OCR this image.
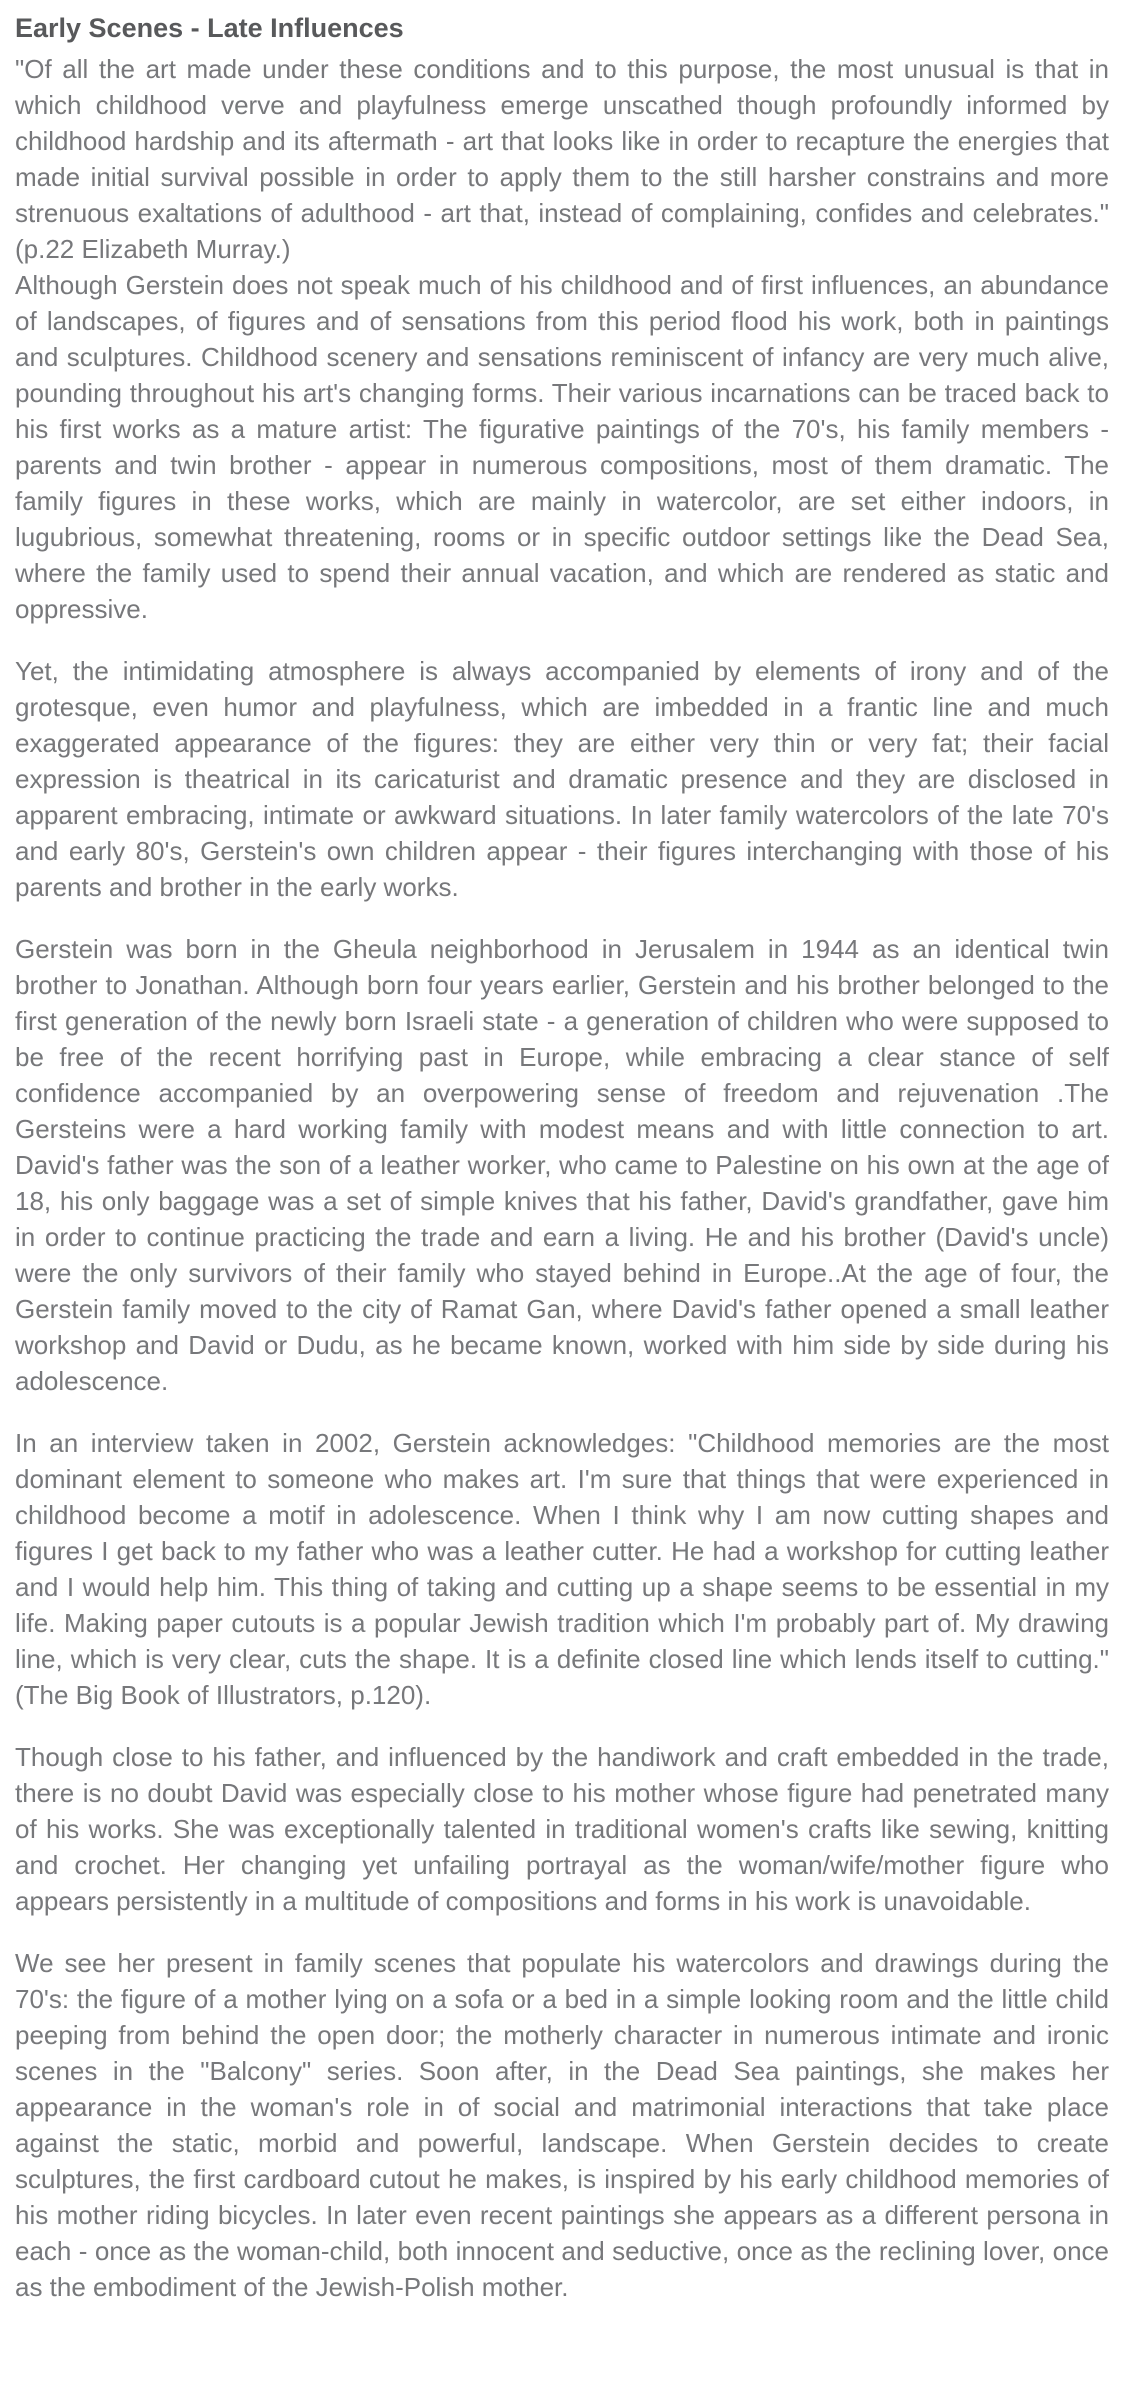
Early Scenes - Late Influences

"Of all the art made under these conditions and to this purpose, the most unusual is that in which childhood verve and playfulness emerge unscathed though profoundly informed by childhood hardship and its aftermath - art that looks like in order to recapture the energies that made initial survival possible in order to apply them to the still harsher constrains and more strenuous exaltations of adulthood - art that, instead of complaining, confides and celebrates." (p.22 Elizabeth Murray.)

Although Gerstein does not speak much of his childhood and of first influences, an abundance of landscapes, of figures and of sensations from this period flood his work, both in paintings and sculptures. Childhood scenery and sensations reminiscent of infancy are very much alive, pounding throughout his art's changing forms. Their various incarnations can be traced back to his first works as a mature artist: The figurative paintings of the 70's, his family members - parents and twin brother - appear in numerous compositions, most of them dramatic. The family figures in these works, which are mainly in watercolor, are set either indoors, in lugubrious, somewhat threatening, rooms or in specific outdoor settings like the Dead Sea, where the family used to spend their annual vacation, and which are rendered as static and oppressive.

Yet, the intimidating atmosphere is always accompanied by elements of irony and of the grotesque, even humor and playfulness, which are imbedded in a frantic line and much exaggerated appearance of the figures: they are either very thin or very fat; their facial expression is theatrical in its caricaturist and dramatic presence and they are disclosed in apparent embracing, intimate or awkward situations. In later family watercolors of the late 70's and early 80's, Gerstein's own children appear - their figures interchanging with those of his parents and brother in the early works.

Gerstein was born in the Gheula neighborhood in Jerusalem in 1944 as an identical twin brother to Jonathan. Although born four years earlier, Gerstein and his brother belonged to the first generation of the newly born Israeli state - a generation of children who were supposed to be free of the recent horrifying past in Europe, while embracing a clear stance of self confidence accompanied by an overpowering sense of freedom and rejuvenation .The Gersteins were a hard working family with modest means and with little connection to art. David's father was the son of a leather worker, who came to Palestine on his own at the age of 18, his only baggage was a set of simple knives that his father, David's grandfather, gave him in order to continue practicing the trade and earn a living. He and his brother (David's uncle) were the only survivors of their family who stayed behind in Europe..At the age of four, the Gerstein family moved to the city of Ramat Gan, where David's father opened a small leather workshop and David or Dudu, as he became known, worked with him side by side during his adolescence.

In an interview taken in 2002, Gerstein acknowledges: "Childhood memories are the most dominant element to someone who makes art. I'm sure that things that were experienced in childhood become a motif in adolescence. When I think why I am now cutting shapes and figures I get back to my father who was a leather cutter. He had a workshop for cutting leather and I would help him. This thing of taking and cutting up a shape seems to be essential in my life. Making paper cutouts is a popular Jewish tradition which I'm probably part of. My drawing line, which is very clear, cuts the shape. It is a definite closed line which lends itself to cutting."(The Big Book of Illustrators, p.120).

Though close to his father, and influenced by the handiwork and craft embedded in the trade, there is no doubt David was especially close to his mother whose figure had penetrated many of his works. She was exceptionally talented in traditional women's crafts like sewing, knitting and crochet. Her changing yet unfailing portrayal as the woman/wife/mother figure who appears persistently in a multitude of compositions and forms in his work is unavoidable.

We see her present in family scenes that populate his watercolors and drawings during the 70's: the figure of a mother lying on a sofa or a bed in a simple looking room and the little child peeping from behind the open door; the motherly character in numerous intimate and ironic scenes in the "Balcony" series. Soon after, in the Dead Sea paintings, she makes her appearance in the woman's role in of social and matrimonial interactions that take place against the static, morbid and powerful, landscape. When Gerstein decides to create sculptures, the first cardboard cutout he makes, is inspired by his early childhood memories of his mother riding bicycles. In later even recent paintings she appears as a different persona in each - once as the woman-child, both innocent and seductive, once as the reclining lover, once as the embodiment of the Jewish-Polish mother.
